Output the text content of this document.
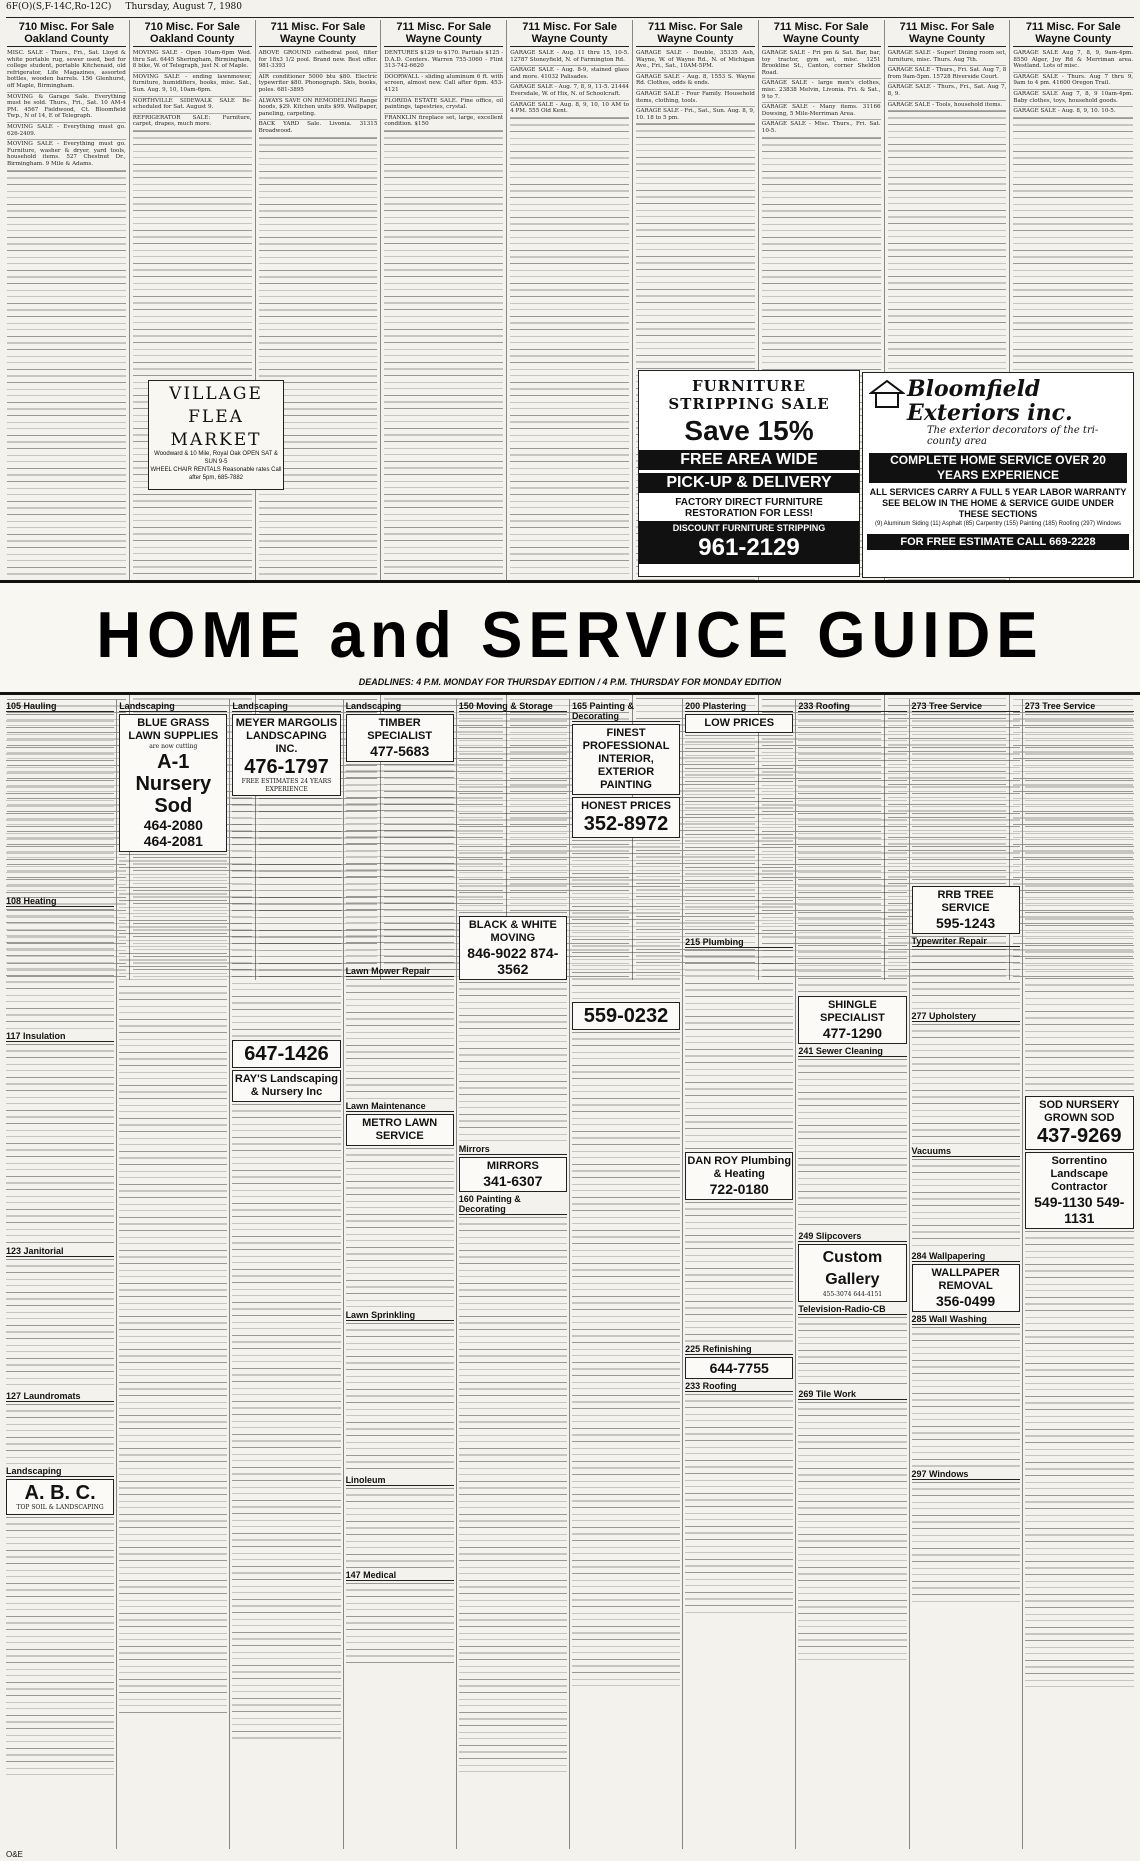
6F(O)(S,F-14C,Ro-12C) Thursday, August 7, 1980
710 Misc. For Sale Oakland County
MISC. SALE - Thurs., Fri., Sat. Lloyd & white portable rug, sewer used, bed for college student, portable Kitchenaid, old refrigerator, Life Magazines, assorted bottles, wooden barrels. 156 Glenhurst, off Maple, Birmingham.
MOVING & Garage Sale. Everything must be sold. Thurs., Fri., Sat. 10 AM-4 PM. 4567 Fieldwood, Ct. Bloomfield Twp., N of 14, E of Telegraph.
MOVING SALE - Everything must go. 626-2409.
MOVING SALE - Everything must go. Furniture, washer & dryer, yard tools, household items. 527 Chestnut Dr., Birmingham. 9 Mile & Adams.
710 Misc. For Sale Oakland County
MOVING SALE - Open 10am-6pm Wed. thru Sat. 6445 Sheringham, Birmingham, 8 bike, W. of Telegraph, just N. of Maple.
MOVING SALE - ending lawnmower, furniture, humidifiers, books, misc. Sat., Sun. Aug. 9, 10, 10am-6pm.
NORTHVILLE SIDEWALK SALE Be-scheduled for Sat. August 9.
REFRIGERATOR SALE: Furniture, carpet, drapes, much more.
711 Misc. For Sale Wayne County
ABOVE GROUND cathedral pool, filter for 18x3 1/2 pool. Brand new. Best offer. 981-3393
AIR conditioner 5000 btu $80. Electric typewriter $80. Phonograph. Skis, books, poles. 681-3895
ALWAYS SAVE ON REMODELING Range hoods, $29. Kitchen units $99. Wallpaper, paneling, carpeting.
BACK YARD Sale. Livonia. 31315 Broadwood.
711 Misc. For Sale Wayne County
DENTURES $129 to $170. Partials $125 - D.A.D. Centers. Warren 755-3060 - Flint 313-742-6620
DOORWALL - sliding aluminum 6 ft. with screen, almost new. Call after 6pm. 453-4121
FLORIDA ESTATE SALE. Fine office, oil paintings, tapestries, crystal.
FRANKLIN fireplace set, large, excellent condition. $150
711 Misc. For Sale Wayne County
GARAGE SALE - Aug. 11 thru 15, 10-5. 12787 Stoneyfield, N. of Farmington Rd.
GARAGE SALE - Aug. 8-9, stained glass and more. 41032 Palisades.
GARAGE SALE - Aug. 7, 8, 9, 11-5. 21444 Eversdale, W. of Hix, N. of Schoolcraft.
GARAGE SALE - Aug. 8, 9, 10, 10 AM to 4 PM. 555 Old Kent.
711 Misc. For Sale Wayne County
GARAGE SALE - Double, 35335 Ash, Wayne, W. of Wayne Rd., N. of Michigan Ave., Fri., Sat., 10AM-5PM.
GARAGE SALE - Aug. 8, 1553 S. Wayne Rd. Clothes, odds & ends.
GARAGE SALE - Four Family. Household items, clothing, tools.
GARAGE SALE - Fri., Sat., Sun. Aug. 8, 9, 10. 18 to 5 pm.
711 Misc. For Sale Wayne County
GARAGE SALE - Fri pm & Sat. Bar, bar, toy tractor, gym set, misc. 1251 Brookline St., Canton, corner Sheldon Road.
GARAGE SALE - large men's clothes, misc. 23838 Melvin, Livonia. Fri. & Sat., 9 to 7.
GARAGE SALE - Many items. 31166 Dowsing, 5 Mile-Merriman Area.
GARAGE SALE - Misc. Thurs., Fri. Sat. 10-5.
711 Misc. For Sale Wayne County
GARAGE SALE - Super! Dining room set, furniture, misc. Thurs. Aug 7th.
GARAGE SALE - Thurs., Fri. Sat. Aug 7, 8 from 9am-5pm. 15728 Riverside Court.
GARAGE SALE - Thurs., Fri., Sat. Aug 7, 8, 9.
GARAGE SALE - Tools, household items.
711 Misc. For Sale Wayne County
GARAGE SALE Aug 7, 8, 9, 9am-4pm. 8550 Alger, Joy Rd & Merriman area. Westland. Lots of misc.
GARAGE SALE - Thurs. Aug 7 thru 9, 9am to 4 pm. 41600 Oregon Trail.
GARAGE SALE Aug 7, 8, 9 10am-4pm. Baby clothes, toys, household goods.
GARAGE SALE - Aug. 8, 9, 10. 10-5.
VILLAGE
FLEA
MARKET
Woodward & 10 Mile, Royal Oak OPEN SAT & SUN 9-5
WHEEL CHAIR RENTALS Reasonable rates Call after 5pm, 685-7882
FURNITURE STRIPPING SALE
Save 15%
FREE AREA WIDE
PICK-UP & DELIVERY
FACTORY DIRECT FURNITURE RESTORATION FOR LESS!
DISCOUNT FURNITURE STRIPPING
961-2129
Bloomfield
Exteriors inc.
The exterior decorators of the tri-county area
COMPLETE HOME SERVICE OVER 20 YEARS EXPERIENCE
ALL SERVICES CARRY A FULL 5 YEAR LABOR WARRANTY
SEE BELOW IN THE HOME & SERVICE GUIDE UNDER THESE SECTIONS
(9) Aluminum Siding (11) Asphalt (85) Carpentry (155) Painting (185) Roofing (297) Windows
FOR FREE ESTIMATE CALL 669-2228
HOME and SERVICE GUIDE
DEADLINES: 4 P.M. MONDAY FOR THURSDAY EDITION / 4 P.M. THURSDAY FOR MONDAY EDITION
105 Hauling
108 Heating
117 Insulation
123 Janitorial
127 Laundromats
Landscaping
A. B. C.
TOP SOIL & LANDSCAPING
Landscaping
BLUE GRASS LAWN SUPPLIES
are now cutting
A-1 Nursery Sod
464-2080
464-2081
Landscaping
MEYER MARGOLIS LANDSCAPING INC.
476-1797
FREE ESTIMATES 24 YEARS EXPERIENCE
647-1426
RAY'S Landscaping & Nursery Inc
Landscaping
TIMBER SPECIALIST
477-5683
Lawn Mower Repair
Lawn Maintenance
METRO LAWN SERVICE
Lawn Sprinkling
Linoleum
147 Medical
150 Moving & Storage
BLACK & WHITE MOVING
846-9022 874-3562
Mirrors
MIRRORS
341-6307
160 Painting & Decorating
165 Painting & Decorating
FINEST PROFESSIONAL INTERIOR, EXTERIOR PAINTING
HONEST PRICES
352-8972
559-0232
200 Plastering
LOW PRICES
215 Plumbing
DAN ROY Plumbing & Heating
722-0180
225 Refinishing
644-7755
233 Roofing
233 Roofing
SHINGLE SPECIALIST
477-1290
241 Sewer Cleaning
249 Slipcovers
Custom Gallery
455-3074 644-4151
Television-Radio-CB
269 Tile Work
273 Tree Service
RRB TREE SERVICE
595-1243
Typewriter Repair
277 Upholstery
Vacuums
284 Wallpapering
WALLPAPER REMOVAL
356-0499
285 Wall Washing
297 Windows
273 Tree Service
SOD NURSERY GROWN SOD
437-9269
Sorrentino Landscape Contractor
549-1130 549-1131
O&E
